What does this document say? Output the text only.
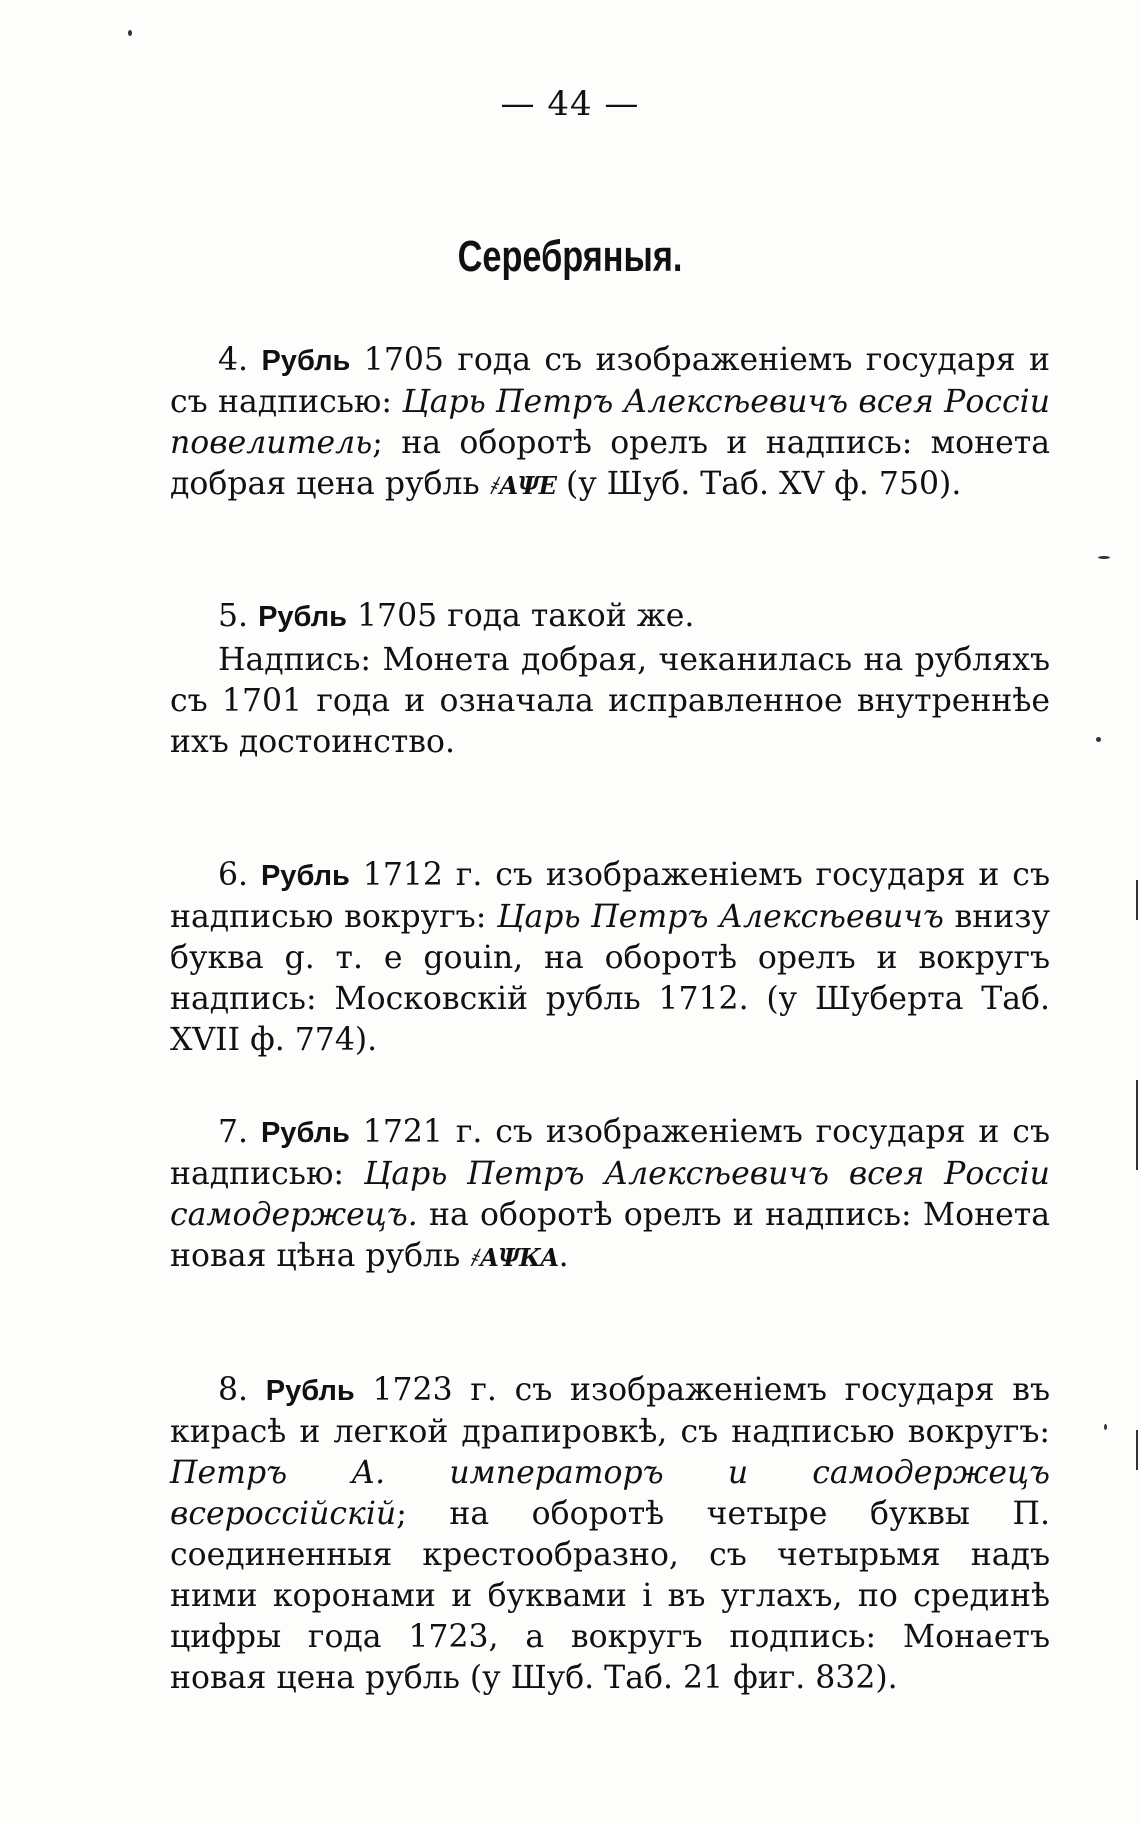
— 44 —
Серебряныя.

4. Рубль 1705 года съ изображеніемъ государя и съ надписью: Царь Петръ Алексѣевичъ всея Россіи повелитель; на оборотѣ орелъ и надпись: монета добрая цена рубль ҂АΨЕ (у Шуб. Таб. XV ф. 750).

5. Рубль 1705 года такой же.

Надпись: Монета добрая, чеканилась на рубляхъ съ 1701 года и означала исправленное внутреннѣе ихъ достоинство.

6. Рубль 1712 г. съ изображеніемъ государя и съ надписью вокругъ: Царь Петръ Алексѣевичъ внизу буква g. т. е gouin, на оборотѣ орелъ и вокругъ надпись: Московскій рубль 1712. (у Шуберта Таб. XVII ф. 774).

7. Рубль 1721 г. съ изображеніемъ государя и съ надписью: Царь Петръ Алексѣевичъ всея Россіи самодержецъ. на оборотѣ орелъ и надпись: Монета новая цѣна рубль ҂АΨКА.

8. Рубль 1723 г. съ изображеніемъ государя въ кирасѣ и легкой драпировкѣ, съ надписью вокругъ: Петръ А. императоръ и самодержецъ всероссійскій; на оборотѣ четыре буквы П. соединенныя крестообразно, съ четырьмя надъ ними коронами и буквами і въ углахъ, по срединѣ цифры года 1723, а вокругъ подпись: Монаетъ новая цена рубль (у Шуб. Таб. 21 фиг. 832).
